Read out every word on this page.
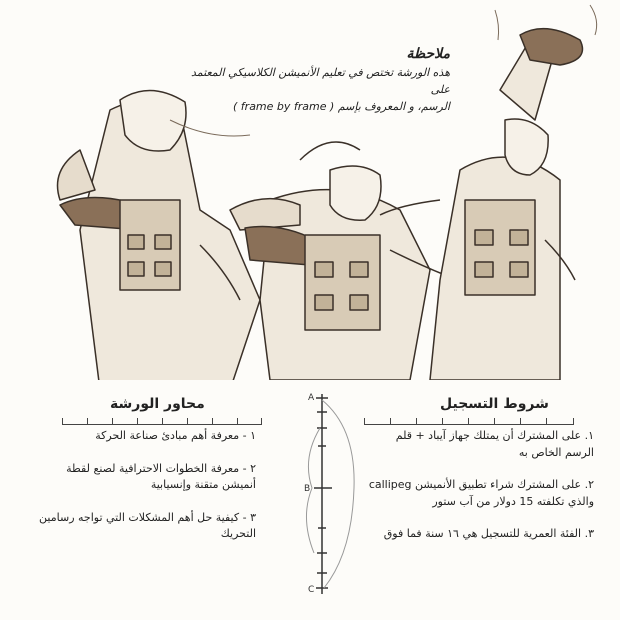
ملاحظة
هذه الورشة تختص في تعليم الأنميشن الكلاسيكي المعتمد على
الرسم، و المعروف بإسم ( frame by frame )
محاور الورشة	شروط التسجيل
١ - معرفة أهم مبادئ صناعة الحركة
٢ - معرفة الخطوات الاحترافية لصنع لقطة أنميشن متقنة وإنسيابية
٣ - كيفية حل أهم المشكلات التي تواجه رسامين التحريك
١. على المشترك أن يمتلك جهاز آيباد + قلم الرسم الخاص به
٢. على المشترك شراء تطبيق الأنميشن callipeg والذي تكلفته 15 دولار من آب ستور
٣. الفئة العمرية للتسجيل هي ١٦ سنة فما فوق
A
B
C
